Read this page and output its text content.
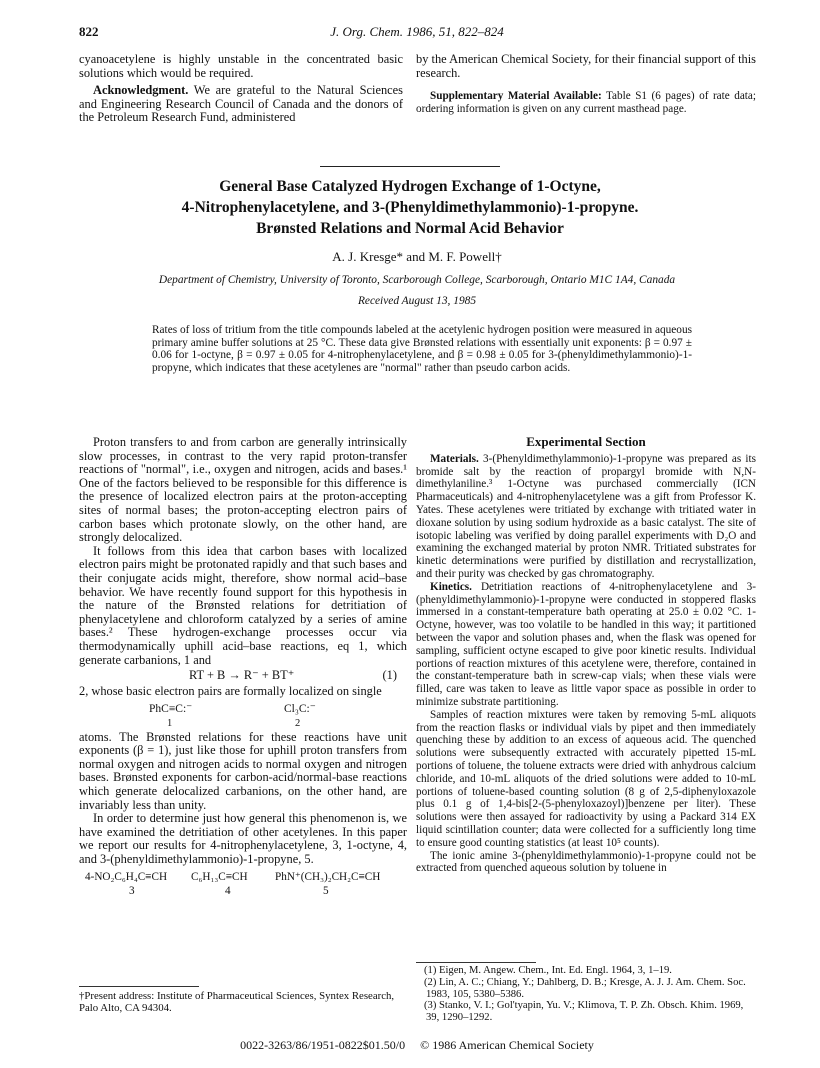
822	J. Org. Chem. 1986, 51, 822–824

cyanoacetylene is highly unstable in the concentrated basic solutions which would be required.

Acknowledgment. We are grateful to the Natural Sciences and Engineering Research Council of Canada and the donors of the Petroleum Research Fund, administered

by the American Chemical Society, for their financial support of this research.

Supplementary Material Available: Table S1 (6 pages) of rate data; ordering information is given on any current masthead page.

General Base Catalyzed Hydrogen Exchange of 1-Octyne,
4-Nitrophenylacetylene, and 3-(Phenyldimethylammonio)-1-propyne.
Brønsted Relations and Normal Acid Behavior
A. J. Kresge* and M. F. Powell†
Department of Chemistry, University of Toronto, Scarborough College, Scarborough, Ontario M1C 1A4, Canada
Received August 13, 1985
Rates of loss of tritium from the title compounds labeled at the acetylenic hydrogen position were measured in aqueous primary amine buffer solutions at 25 °C. These data give Brønsted relations with essentially unit exponents: β = 0.97 ± 0.06 for 1-octyne, β = 0.97 ± 0.05 for 4-nitrophenylacetylene, and β = 0.98 ± 0.05 for 3-(phenyldimethylammonio)-1-propyne, which indicates that these acetylenes are "normal" rather than pseudo carbon acids.

Proton transfers to and from carbon are generally intrinsically slow processes, in contrast to the very rapid proton-transfer reactions of "normal", i.e., oxygen and nitrogen, acids and bases.¹ One of the factors believed to be responsible for this difference is the presence of localized electron pairs at the proton-accepting sites of normal bases; the proton-accepting electron pairs of carbon bases which protonate slowly, on the other hand, are strongly delocalized.

It follows from this idea that carbon bases with localized electron pairs might be protonated rapidly and that such bases and their conjugate acids might, therefore, show normal acid–base behavior. We have recently found support for this hypothesis in the nature of the Brønsted relations for detritiation of phenylacetylene and chloroform catalyzed by a series of amine bases.² These hydrogen-exchange processes occur via thermodynamically uphill acid–base reactions, eq 1, which generate carbanions, 1 and

RT + B → R⁻ + BT⁺	(1)

2, whose basic electron pairs are formally localized on single

PhC≡C:⁻
1
Cl₃C:⁻
2

atoms. The Brønsted relations for these reactions have unit exponents (β = 1), just like those for uphill proton transfers from normal oxygen and nitrogen acids to normal oxygen and nitrogen bases. Brønsted exponents for carbon-acid/normal-base reactions which generate delocalized carbanions, on the other hand, are invariably less than unity.

In order to determine just how general this phenomenon is, we have examined the detritiation of other acetylenes. In this paper we report our results for 4-nitrophenylacetylene, 3, 1-octyne, 4, and 3-(phenyldimethylammonio)-1-propyne, 5.

4-NO₂C₆H₄C≡CH
3
C₆H₁₃C≡CH
4
PhN⁺(CH₃)₂CH₂C≡CH
5
†Present address: Institute of Pharmaceutical Sciences, Syntex Research, Palo Alto, CA 94304.
Experimental Section

Materials. 3-(Phenyldimethylammonio)-1-propyne was prepared as its bromide salt by the reaction of propargyl bromide with N,N-dimethylaniline.³ 1-Octyne was purchased commercially (ICN Pharmaceuticals) and 4-nitrophenylacetylene was a gift from Professor K. Yates. These acetylenes were tritiated by exchange with tritiated water in dioxane solution by using sodium hydroxide as a basic catalyst. The site of isotopic labeling was verified by doing parallel experiments with D₂O and examining the exchanged material by proton NMR. Tritiated substrates for kinetic determinations were purified by distillation and recrystallization, and their purity was checked by gas chromatography.

Kinetics. Detritiation reactions of 4-nitrophenylacetylene and 3-(phenyldimethylammonio)-1-propyne were conducted in stoppered flasks immersed in a constant-temperature bath operating at 25.0 ± 0.02 °C. 1-Octyne, however, was too volatile to be handled in this way; it partitioned between the vapor and solution phases and, when the flask was opened for sampling, sufficient octyne escaped to give poor kinetic results. Individual portions of reaction mixtures of this acetylene were, therefore, contained in the constant-temperature bath in screw-cap vials; when these vials were filled, care was taken to leave as little vapor space as possible in order to minimize substrate partitioning.

Samples of reaction mixtures were taken by removing 5-mL aliquots from the reaction flasks or individual vials by pipet and then immediately quenching these by addition to an excess of aqueous acid. The quenched solutions were subsequently extracted with accurately pipetted 15-mL portions of toluene, the toluene extracts were dried with anhydrous calcium chloride, and 10-mL aliquots of the dried solutions were added to 10-mL portions of toluene-based counting solution (8 g of 2,5-diphenyloxazole plus 0.1 g of 1,4-bis[2-(5-phenyloxazoyl)]benzene per liter). These solutions were then assayed for radioactivity by using a Packard 314 EX liquid scintillation counter; data were collected for a sufficiently long time to ensure good counting statistics (at least 10⁵ counts).

The ionic amine 3-(phenyldimethylammonio)-1-propyne could not be extracted from quenched aqueous solution by toluene in

(1) Eigen, M. Angew. Chem., Int. Ed. Engl. 1964, 3, 1–19.

(2) Lin, A. C.; Chiang, Y.; Dahlberg, D. B.; Kresge, A. J. J. Am. Chem. Soc. 1983, 105, 5380–5386.

(3) Stanko, V. I.; Gol'tyapin, Yu. V.; Klimova, T. P. Zh. Obsch. Khim. 1969, 39, 1290–1292.

0022-3263/86/1951-0822$01.50/0 © 1986 American Chemical Society
